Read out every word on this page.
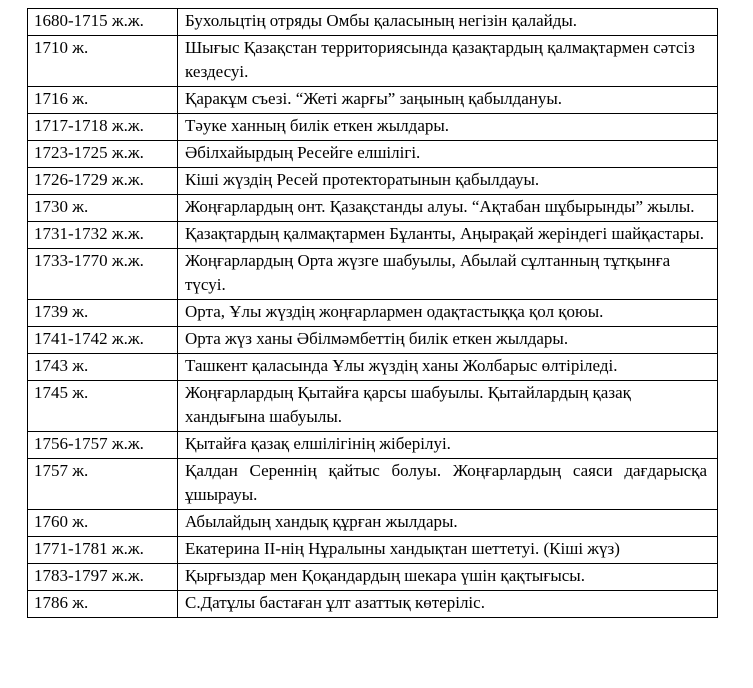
1680-1715 ж.ж.	Бухольцтің отряды Омбы қаласының негізін қалайды.
1710 ж.	Шығыс Қазақстан территориясында қазақтардың қалмақтармен сәтсіз кездесуі.
1716 ж.	Қаракұм съезі. “Жеті жарғы” заңының қабылдануы.
1717-1718 ж.ж.	Тәуке ханның билік еткен жылдары.
1723-1725 ж.ж.	Әбілхайырдың Ресейге елшілігі.
1726-1729 ж.ж.	Кіші жүздің Ресей протекторатынын қабылдауы.
1730 ж.	Жоңғарлардың онт. Қазақстанды алуы. “Ақтабан шұбырынды” жылы.
1731-1732 ж.ж.	Қазақтардың қалмақтармен Бұланты, Аңырақай жеріндегі шайқастары.
1733-1770 ж.ж.	Жоңғарлардың Орта жүзге шабуылы, Абылай сұлтанның тұтқынға түсуі.
1739 ж.	Орта, Ұлы жүздің жоңғарлармен одақтастыққа қол қоюы.
1741-1742 ж.ж.	Орта жүз ханы Әбілмәмбеттің билік еткен жылдары.
1743 ж.	Ташкент қаласында Ұлы жүздің ханы Жолбарыс өлтіріледі.
1745 ж.	Жоңғарлардың Қытайға қарсы шабуылы. Қытайлардың қазақ хандығына шабуылы.
1756-1757 ж.ж.	Қытайға қазақ елшілігінің жіберілуі.
1757 ж.	Қалдан Сереннің қайтыс болуы. Жоңғарлардың саяси дағдарысқа ұшырауы.
1760 ж.	Абылайдың хандық құрған жылдары.
1771-1781 ж.ж.	Екатерина II-нің Нұралыны хандықтан шеттетуі. (Кіші жүз)
1783-1797 ж.ж.	Қырғыздар мен Қоқандардың шекара үшін қақтығысы.
1786 ж.	С.Датұлы бастаған ұлт азаттық көтеріліс.
